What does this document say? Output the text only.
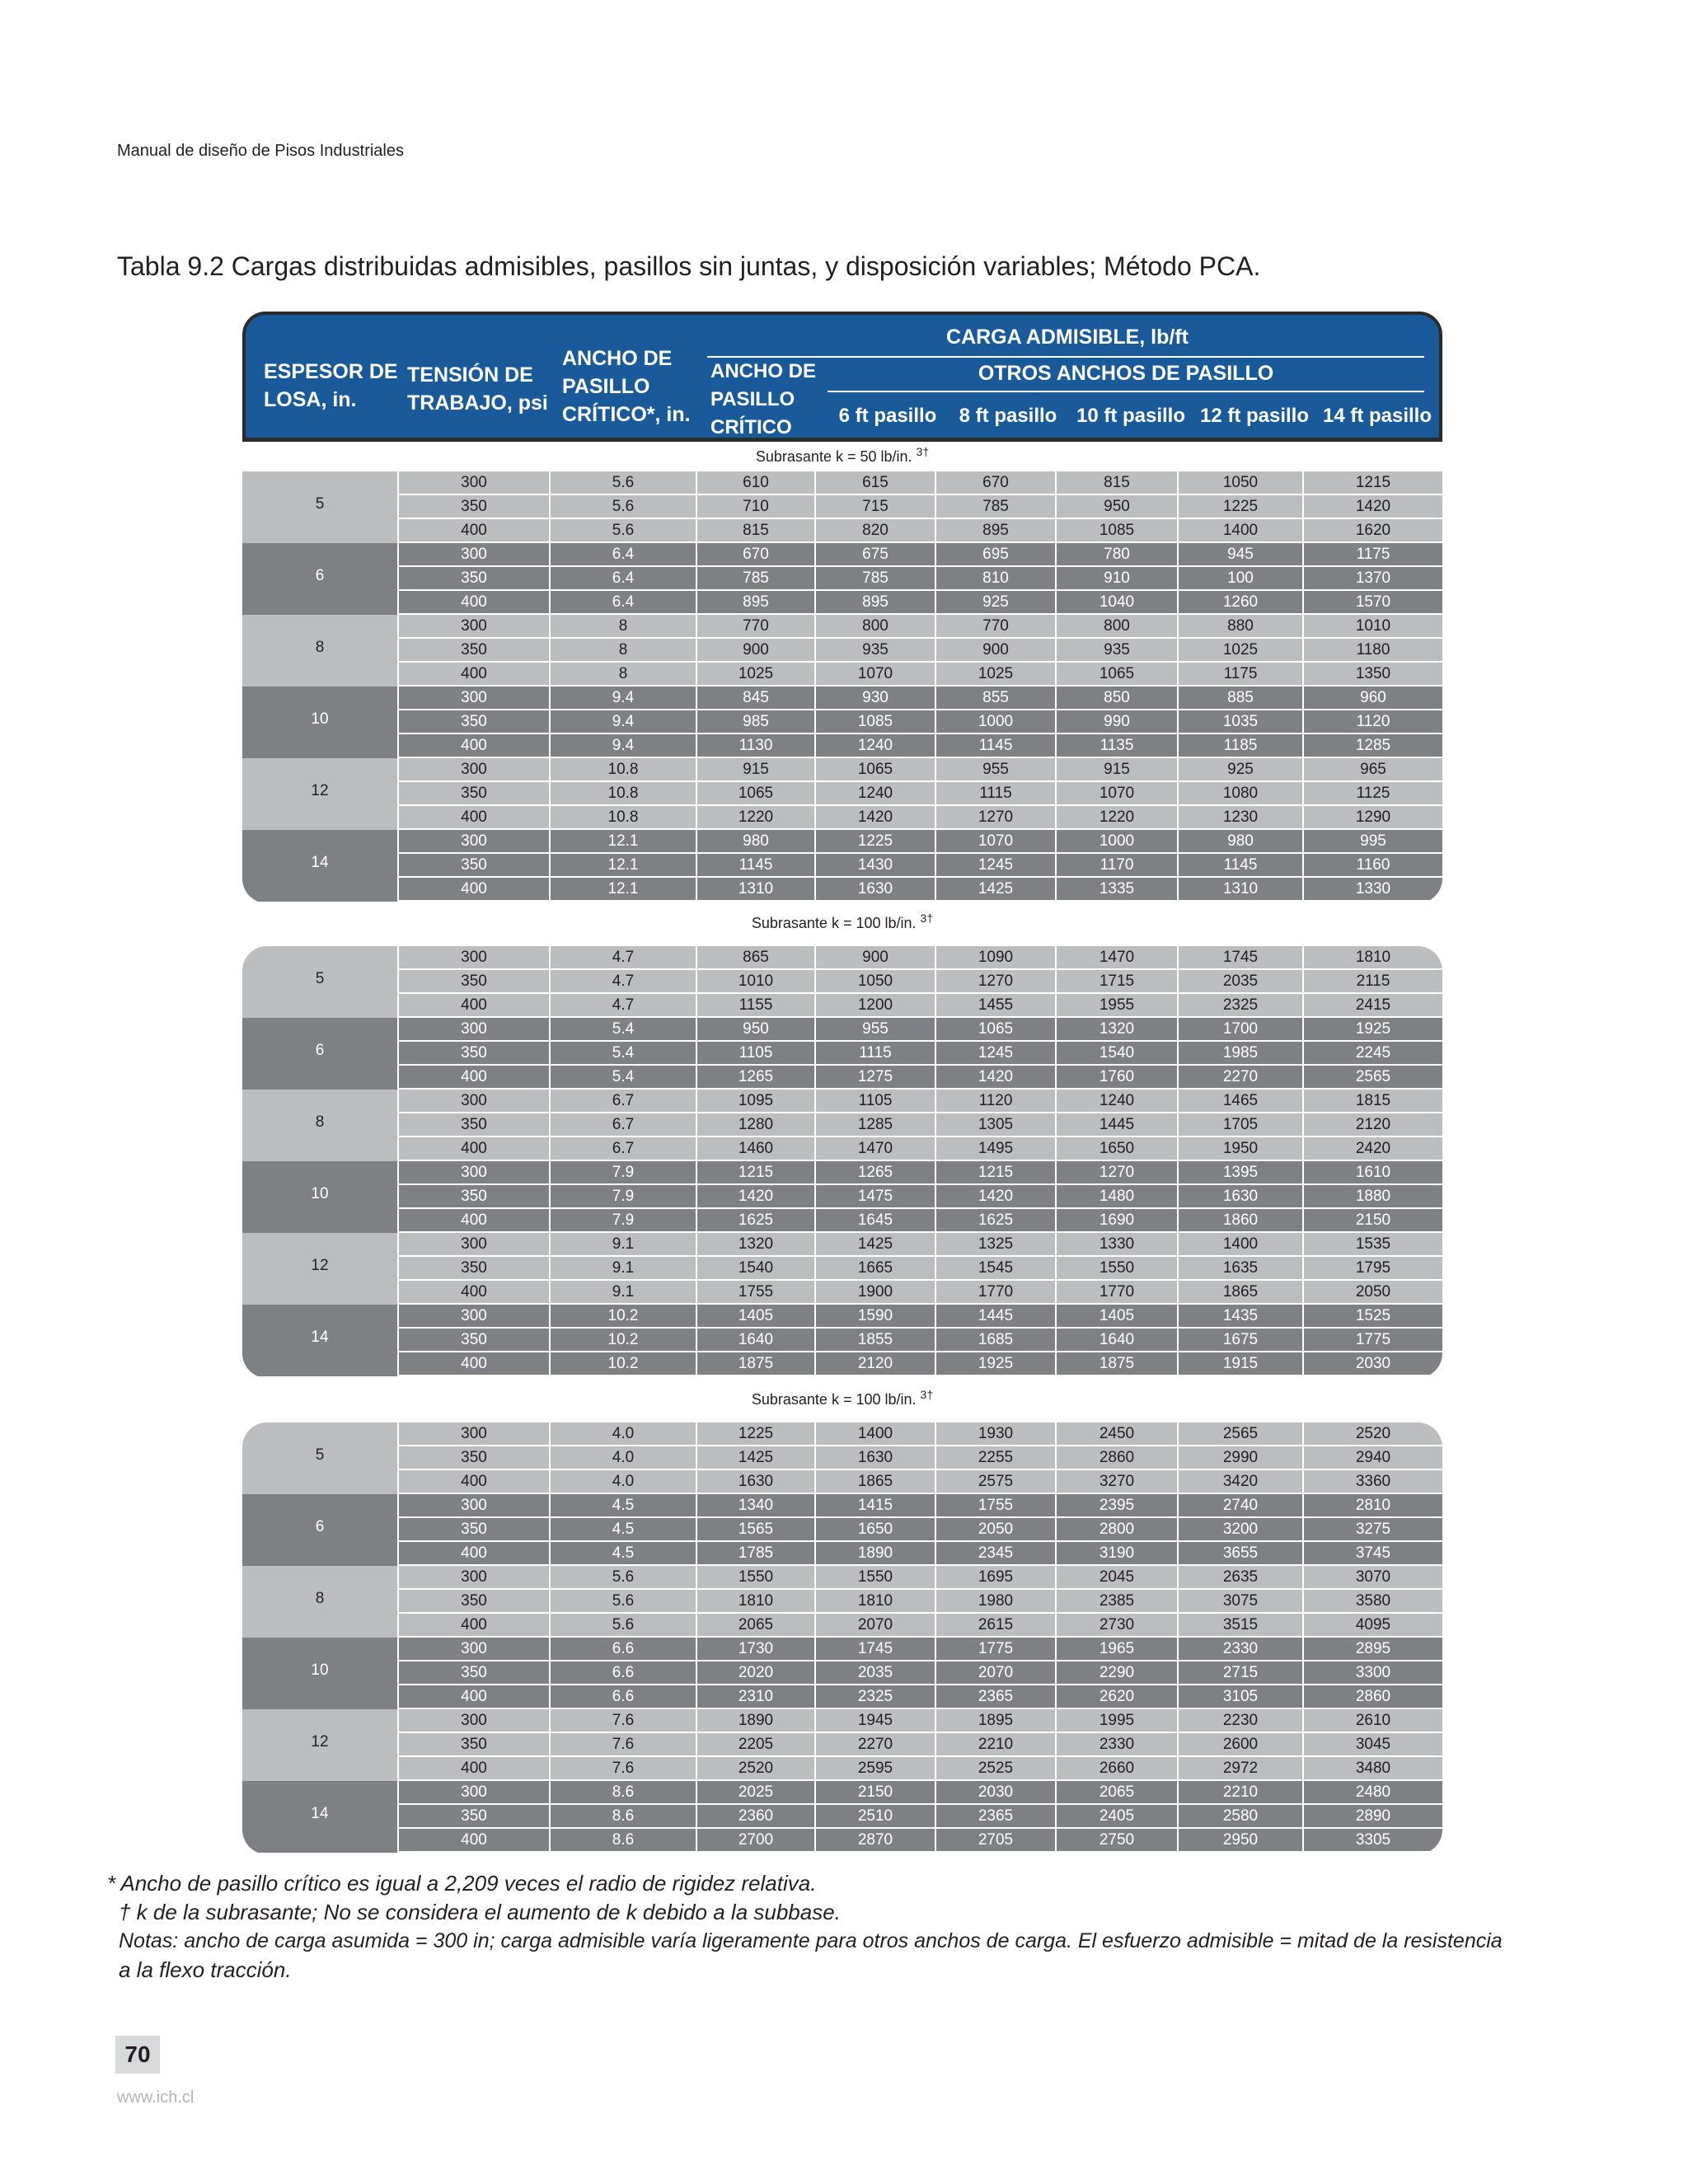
Manual de diseño de Pisos Industriales
Tabla 9.2 Cargas distribuidas admisibles, pasillos sin juntas, y disposición variables; Método PCA.
ESPESOR DE
LOSA, in.
TENSIÓN DE
TRABAJO, psi
ANCHO DE
PASILLO
CRÍTICO*, in.
CARGA ADMISIBLE, lb/ft
ANCHO DE
PASILLO
CRÍTICO
OTROS ANCHOS DE PASILLO
6 ft pasillo	8 ft pasillo 10 ft pasillo 12 ft pasillo 14 ft pasillo
Subrasante k = 50 lb/in. $^{3\dagger}$
5
300	5.6	610	615	670	815	1050	1215
350	5.6	710	715	785	950	1225	1420
400	5.6	815	820	895	1085	1400	1620
6
300	6.4	670	675	695	780	945	1175
350	6.4	785	785	810	910	100	1370
400	6.4	895	895	925	1040	1260	1570
8
300	8	770	800	770	800	880	1010
350	8	900	935	900	935	1025	1180
400	8	1025	1070	1025	1065	1175	1350
10
300	9.4	845	930	855	850	885	960
350	9.4	985	1085	1000	990	1035	1120
400	9.4	1130	1240	1145	1135	1185	1285
12
300	10.8	915	1065	955	915	925	965
350	10.8	1065	1240	1115	1070	1080	1125
400	10.8	1220	1420	1270	1220	1230	1290
14
300	12.1	980	1225	1070	1000	980	995
350	12.1	1145	1430	1245	1170	1145	1160
400	12.1	1310	1630	1425	1335	1310	1330
Subrasante k = 100 lb/in. $^{3\dagger}$
5
300	4.7	865	900	1090	1470	1745	1810
350	4.7	1010	1050	1270	1715	2035	2115
400	4.7	1155	1200	1455	1955	2325	2415
6
300	5.4	950	955	1065	1320	1700	1925
350	5.4	1105	1115	1245	1540	1985	2245
400	5.4	1265	1275	1420	1760	2270	2565
8
300	6.7	1095	1105	1120	1240	1465	1815
350	6.7	1280	1285	1305	1445	1705	2120
400	6.7	1460	1470	1495	1650	1950	2420
10
300	7.9	1215	1265	1215	1270	1395	1610
350	7.9	1420	1475	1420	1480	1630	1880
400	7.9	1625	1645	1625	1690	1860	2150
12
300	9.1	1320	1425	1325	1330	1400	1535
350	9.1	1540	1665	1545	1550	1635	1795
400	9.1	1755	1900	1770	1770	1865	2050
14
300	10.2	1405	1590	1445	1405	1435	1525
350	10.2	1640	1855	1685	1640	1675	1775
400	10.2	1875	2120	1925	1875	1915	2030
Subrasante k = 100 lb/in. $^{3\dagger}$
5
300	4.0	1225	1400	1930	2450	2565	2520
350	4.0	1425	1630	2255	2860	2990	2940
400	4.0	1630	1865	2575	3270	3420	3360
6
300	4.5	1340	1415	1755	2395	2740	2810
350	4.5	1565	1650	2050	2800	3200	3275
400	4.5	1785	1890	2345	3190	3655	3745
8
300	5.6	1550	1550	1695	2045	2635	3070
350	5.6	1810	1810	1980	2385	3075	3580
400	5.6	2065	2070	2615	2730	3515	4095
10
300	6.6	1730	1745	1775	1965	2330	2895
350	6.6	2020	2035	2070	2290	2715	3300
400	6.6	2310	2325	2365	2620	3105	2860
12
300	7.6	1890	1945	1895	1995	2230	2610
350	7.6	2205	2270	2210	2330	2600	3045
400	7.6	2520	2595	2525	2660	2972	3480
14
300	8.6	2025	2150	2030	2065	2210	2480
350	8.6	2360	2510	2365	2405	2580	2890
400	8.6	2700	2870	2705	2750	2950	3305
* Ancho de pasillo crítico es igual a 2,209 veces el radio de rigidez relativa.
† k de la subrasante; No se considera el aumento de k debido a la subbase.
Notas: ancho de carga asumida = 300 in; carga admisible varía ligeramente para otros anchos de carga. El esfuerzo admisible = mitad de la resistencia
a la flexo tracción.
70
www.ich.cl
